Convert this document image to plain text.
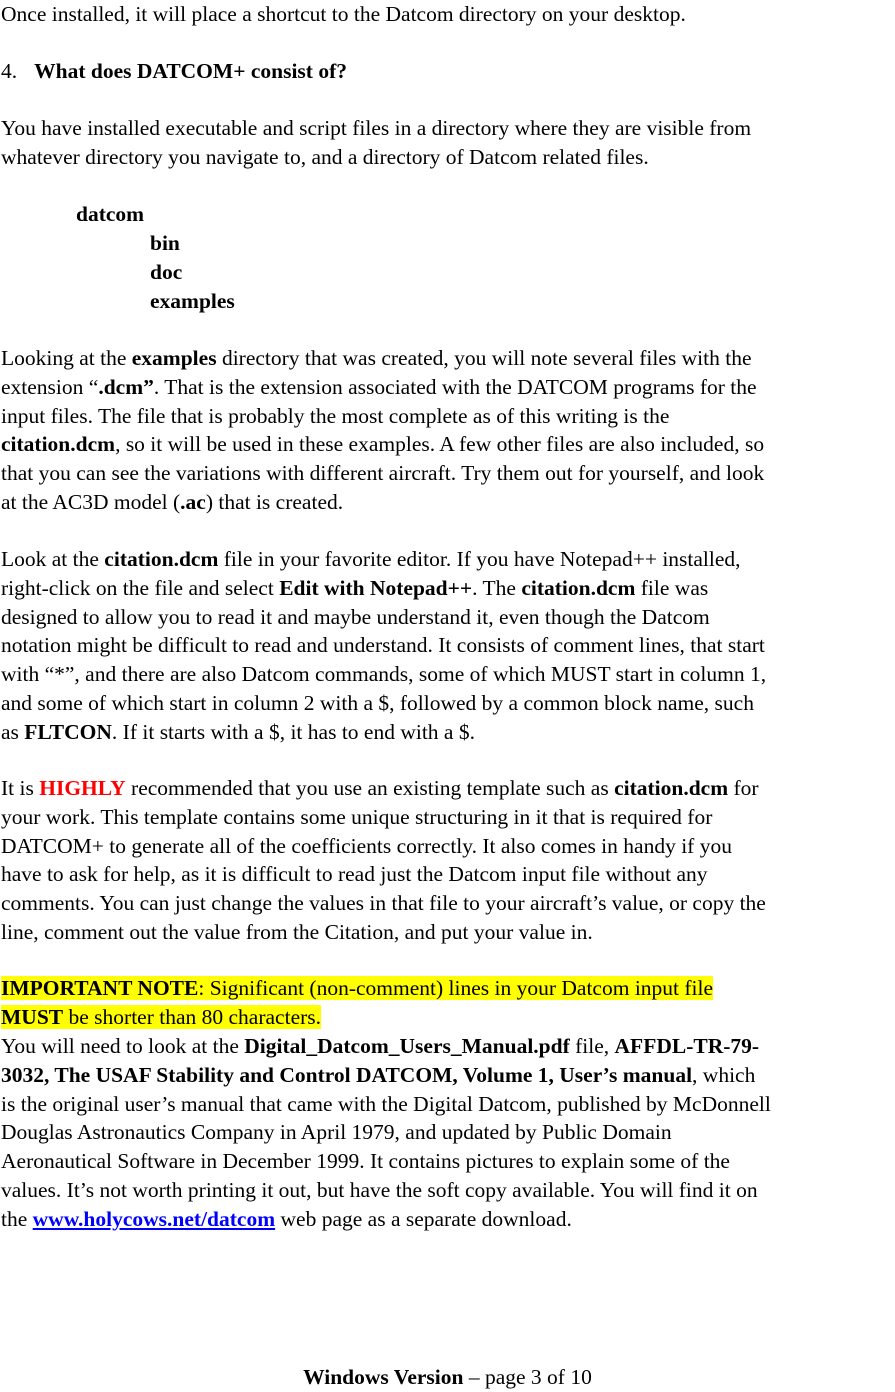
Once installed, it will place a shortcut to the Datcom directory on your desktop.
4. What does DATCOM+ consist of?
You have installed executable and script files in a directory where they are visible from
whatever directory you navigate to, and a directory of Datcom related files.
datcom
bin
doc
examples
Looking at the examples directory that was created, you will note several files with the
extension “.dcm”. That is the extension associated with the DATCOM programs for the
input files. The file that is probably the most complete as of this writing is the
citation.dcm, so it will be used in these examples. A few other files are also included, so
that you can see the variations with different aircraft. Try them out for yourself, and look
at the AC3D model (.ac) that is created.
Look at the citation.dcm file in your favorite editor. If you have Notepad++ installed,
right-click on the file and select Edit with Notepad++. The citation.dcm file was
designed to allow you to read it and maybe understand it, even though the Datcom
notation might be difficult to read and understand. It consists of comment lines, that start
with “*”, and there are also Datcom commands, some of which MUST start in column 1,
and some of which start in column 2 with a $, followed by a common block name, such
as FLTCON. If it starts with a $, it has to end with a $.
It is HIGHLY recommended that you use an existing template such as citation.dcm for
your work. This template contains some unique structuring in it that is required for
DATCOM+ to generate all of the coefficients correctly. It also comes in handy if you
have to ask for help, as it is difficult to read just the Datcom input file without any
comments. You can just change the values in that file to your aircraft’s value, or copy the
line, comment out the value from the Citation, and put your value in.
IMPORTANT NOTE: Significant (non-comment) lines in your Datcom input file
MUST be shorter than 80 characters.
You will need to look at the Digital_Datcom_Users_Manual.pdf file, AFFDL-TR-79-
3032, The USAF Stability and Control DATCOM, Volume 1, User’s manual, which
is the original user’s manual that came with the Digital Datcom, published by McDonnell
Douglas Astronautics Company in April 1979, and updated by Public Domain
Aeronautical Software in December 1999. It contains pictures to explain some of the
values. It’s not worth printing it out, but have the soft copy available. You will find it on
the www.holycows.net/datcom web page as a separate download.
Windows Version – page 3 of 10
